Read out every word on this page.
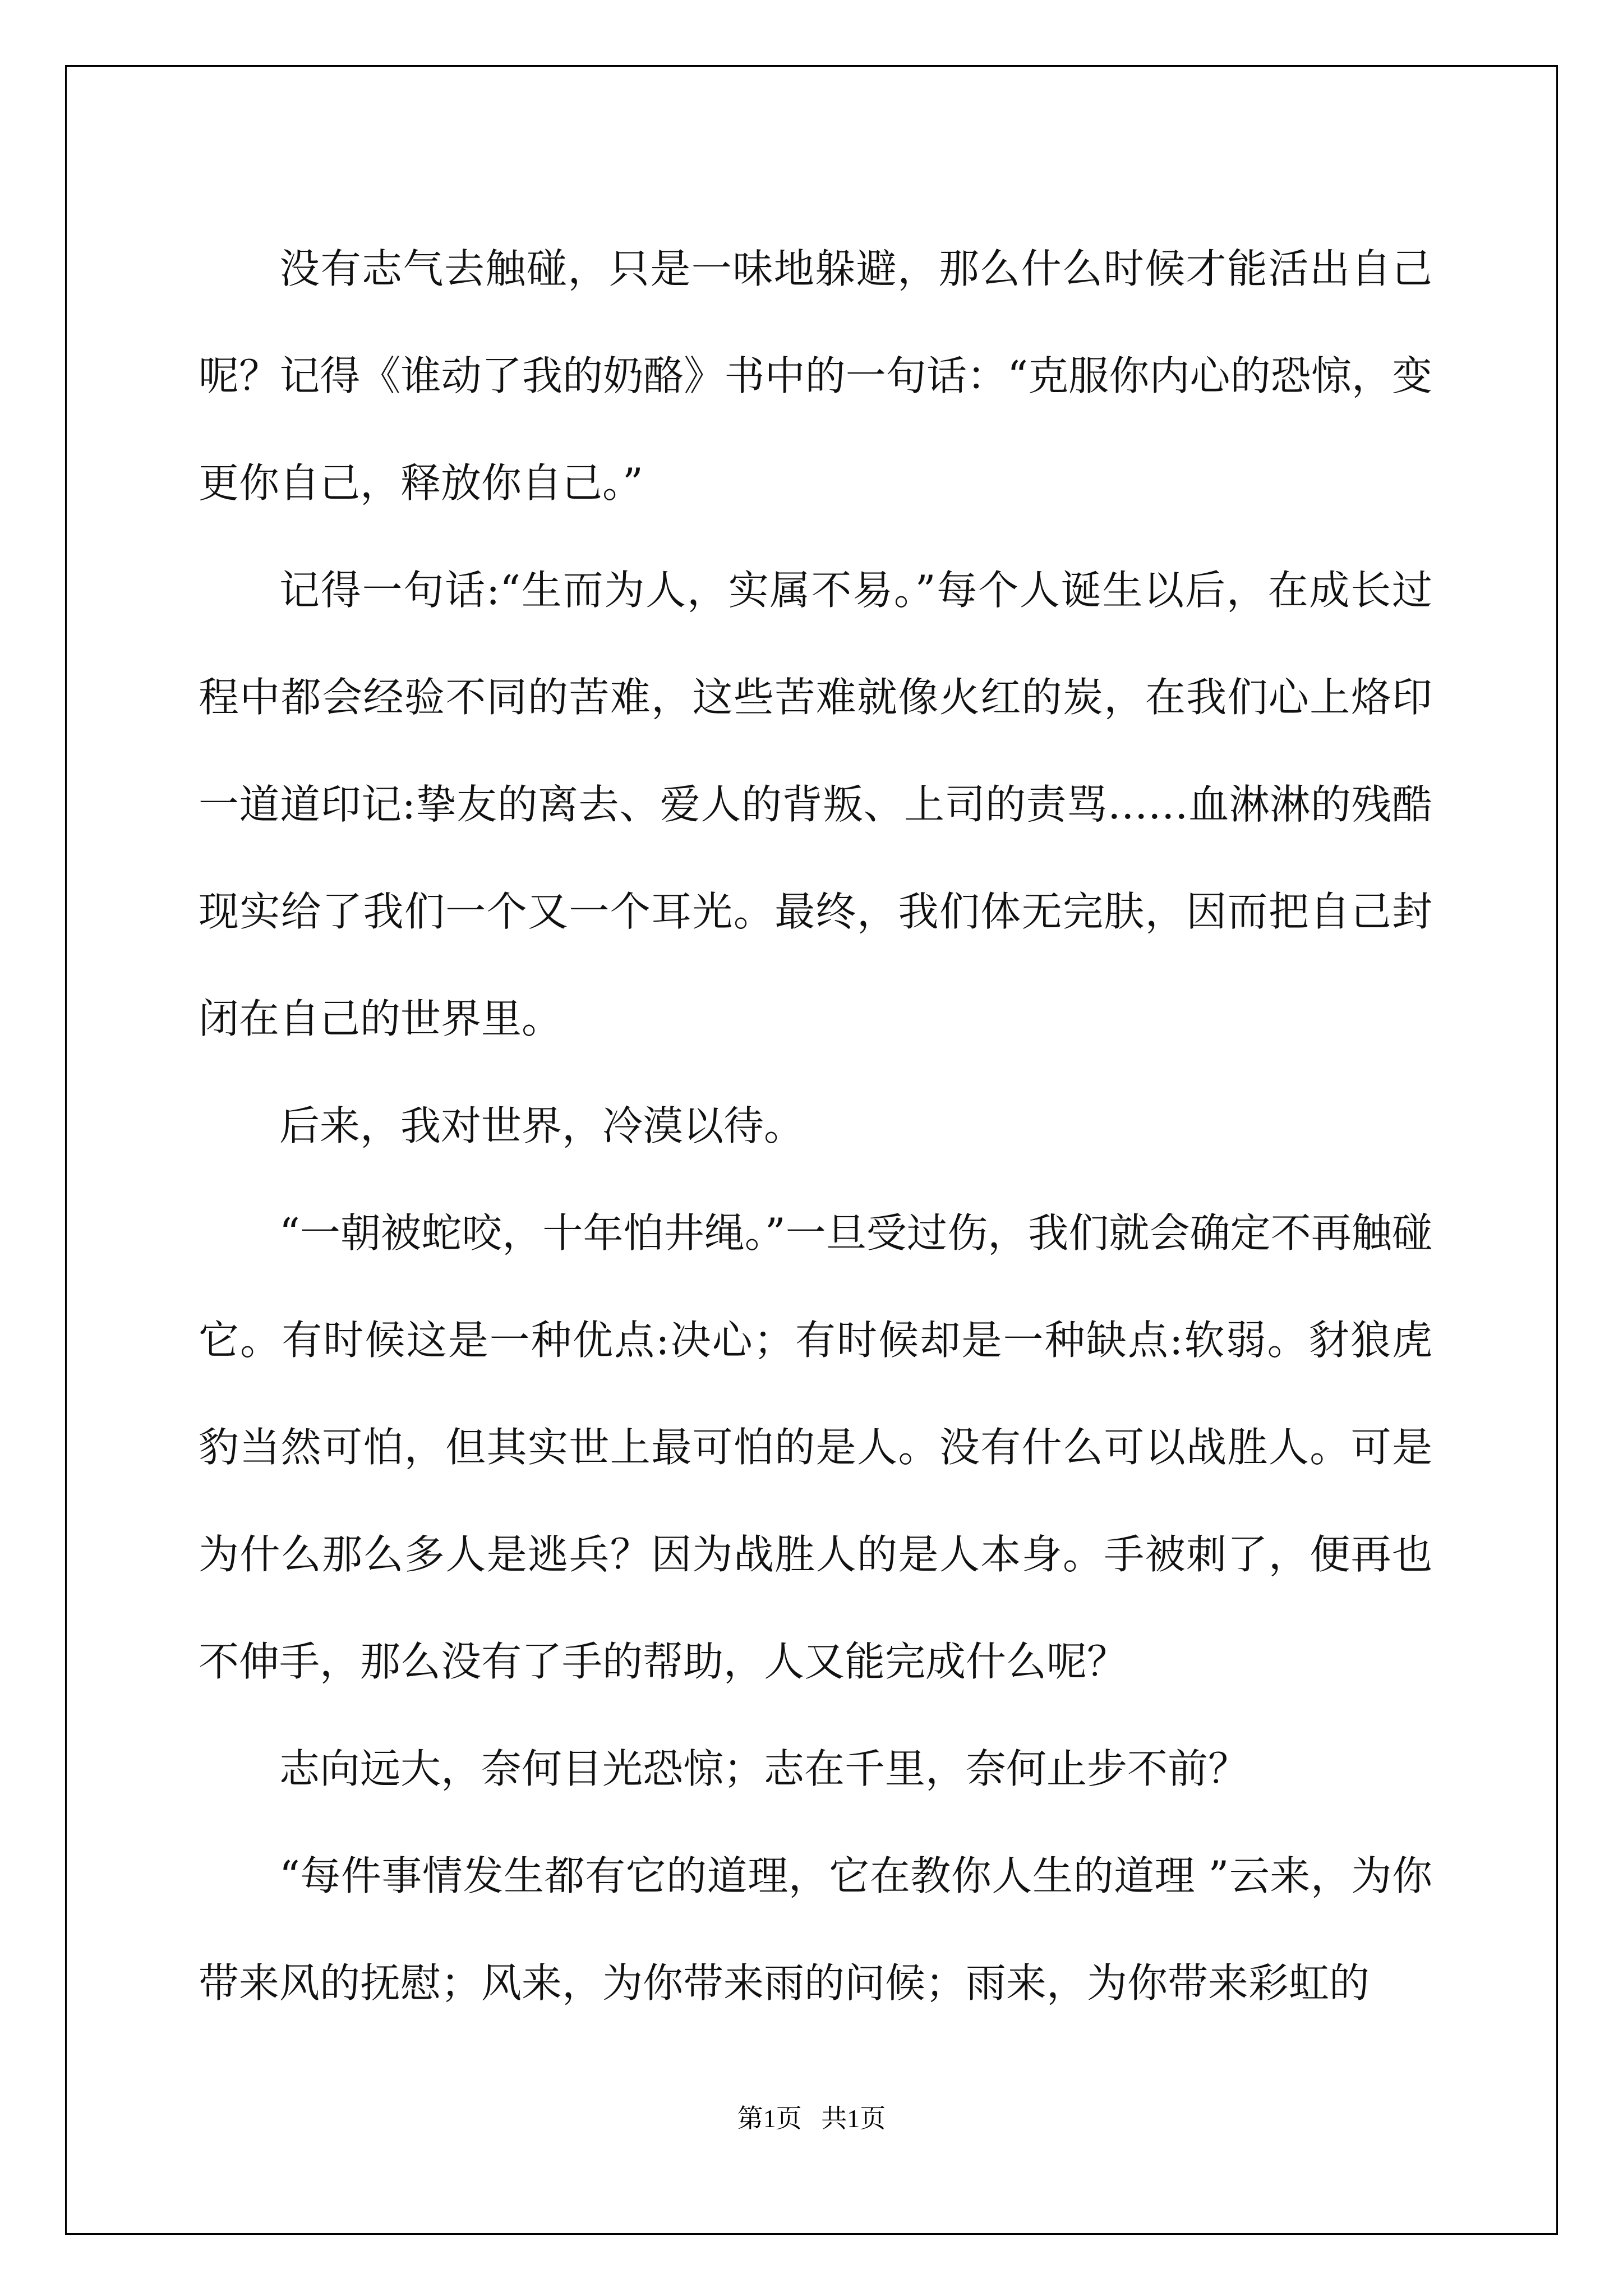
没有志气去触碰，只是一味地躲避，那么什么时候才能活出自己呢？记得《谁动了我的奶酪》书中的一句话：“克服你内心的恐惊，变更你自己，释放你自己。”

记得一句话:“生而为人，实属不易。”每个人诞生以后，在成长过程中都会经验不同的苦难，这些苦难就像火红的炭，在我们心上烙印一道道印记:挚友的离去、爱人的背叛、上司的责骂……血淋淋的残酷现实给了我们一个又一个耳光。最终，我们体无完肤，因而把自己封闭在自己的世界里。

后来，我对世界，冷漠以待。

“一朝被蛇咬，十年怕井绳。”一旦受过伤，我们就会确定不再触碰它。有时候这是一种优点:决心；有时候却是一种缺点:软弱。豺狼虎豹当然可怕，但其实世上最可怕的是人。没有什么可以战胜人。可是为什么那么多人是逃兵？因为战胜人的是人本身。手被刺了，便再也不伸手，那么没有了手的帮助，人又能完成什么呢？

志向远大，奈何目光恐惊；志在千里，奈何止步不前？

“每件事情发生都有它的道理，它在教你人生的道理 ”云来，为你带来风的抚慰；风来，为你带来雨的问候；雨来，为你带来彩虹的

第1页   共1页
